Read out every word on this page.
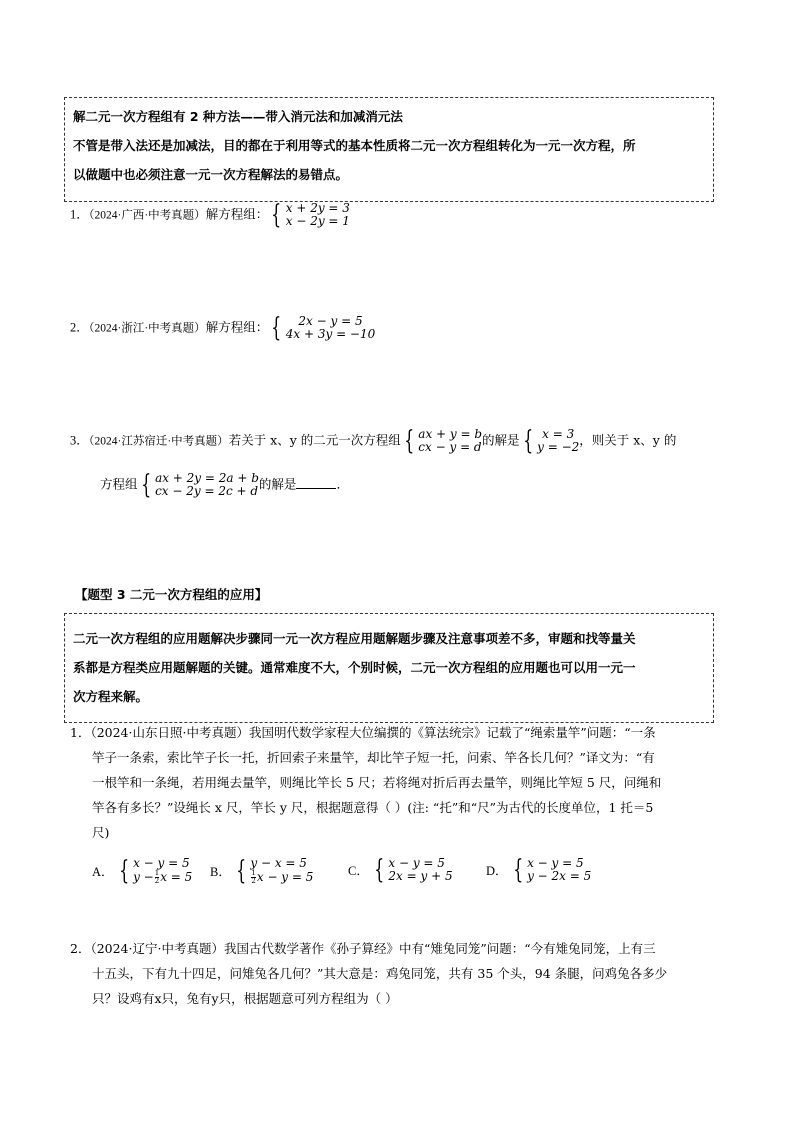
解二元一次方程组有 2 种方法——带入消元法和加减消元法
不管是带入法还是加减法，目的都在于利用等式的基本性质将二元一次方程组转化为一元一次方程，所
以做题中也必须注意一元一次方程解法的易错点。
1．（2024·广西·中考真题）解方程组： { x + 2y = 3
x − 2y = 1
2．（2024·浙江·中考真题）解方程组： { 2x − y = 5
4x + 3y = −10
3．（2024·江苏宿迁·中考真题）若关于 x、y 的二元一次方程组 { ax + y = b
cx − y = d 的解是 { x = 3
y = −2 ，则关于 x、y 的
方程组 { ax + 2y = 2a + b
cx − 2y = 2c + d 的解是	．
【题型 3 二元一次方程组的应用】
二元一次方程组的应用题解决步骤同一元一次方程应用题解题步骤及注意事项差不多，审题和找等量关
系都是方程类应用题解题的关键。通常难度不大，个别时候，二元一次方程组的应用题也可以用一元一
次方程来解。
1．（2024·山东日照·中考真题）我国明代数学家程大位编撰的《算法统宗》记载了“绳索量竿”问题：“一条
竿子一条索，索比竿子长一托，折回索子来量竿，却比竿子短一托，问索、竿各长几何？”译文为：“有
一根竿和一条绳，若用绳去量竿，则绳比竿长 5 尺；若将绳对折后再去量竿，则绳比竿短 5 尺，问绳和
竿各有多长？”设绳长 x 尺，竿长 y 尺，根据题意得（ ）(注: “托”和“尺”为古代的长度单位，1 托＝5
尺)
A． { x − y = 5
$y - \frac{1}{2}$ x = 5 B． { y − x = 5
$\frac{1}{2}$ x − y = 5	C． { x − y = 5
2x = y + 5	D． { x − y = 5
y − 2x = 5
2．（2024·辽宁·中考真题）我国古代数学著作《孙子算经》中有“雉兔同笼”问题：“今有雉兔同笼，上有三
十五头，下有九十四足，问雉兔各几何？”其大意是：鸡兔同笼，共有 35 个头，94 条腿，问鸡兔各多少
只？设鸡有x只，兔有y只，根据题意可列方程组为（ ）
